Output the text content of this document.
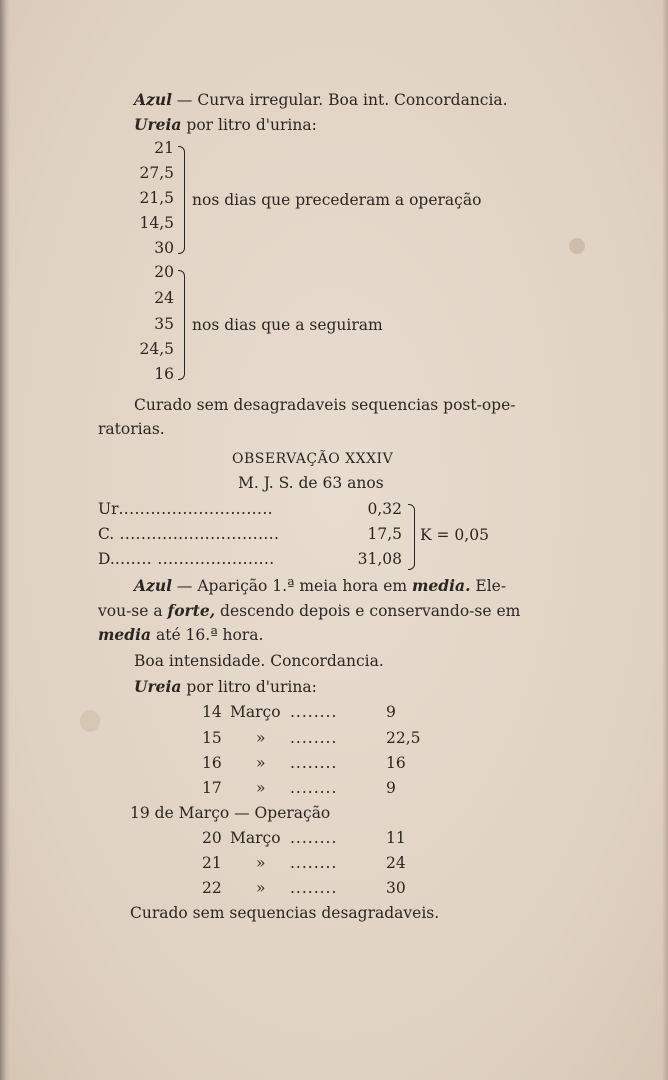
Azul — Curva irregular. Boa int. Concordancia.
Ureia por litro d'urina:
21
27,5
21,5
14,5
30
nos dias que precederam a operação
20
24
35
24,5
16
nos dias que a seguiram
Curado sem desagradaveis sequencias post-ope-
ratorias.
OBSERVAÇÃO XXXIV
M. J. S. de 63 anos
Ur.............................	0,32
C. ..............................	17,5
D........ ......................	31,08
K = 0,05
Azul — Aparição 1.ª meia hora em media. Ele-
vou-se a forte, descendo depois e conservando-se em
media até 16.ª hora.
Boa intensidade. Concordancia.
Ureia por litro d'urina:
14 Março ........	9
15 » ........	22,5
16 » ........	16
17 » ........	9
19 de Março — Operação
20 Março ........	11
21 » ........	24
22 » ........	30
Curado sem sequencias desagradaveis.
